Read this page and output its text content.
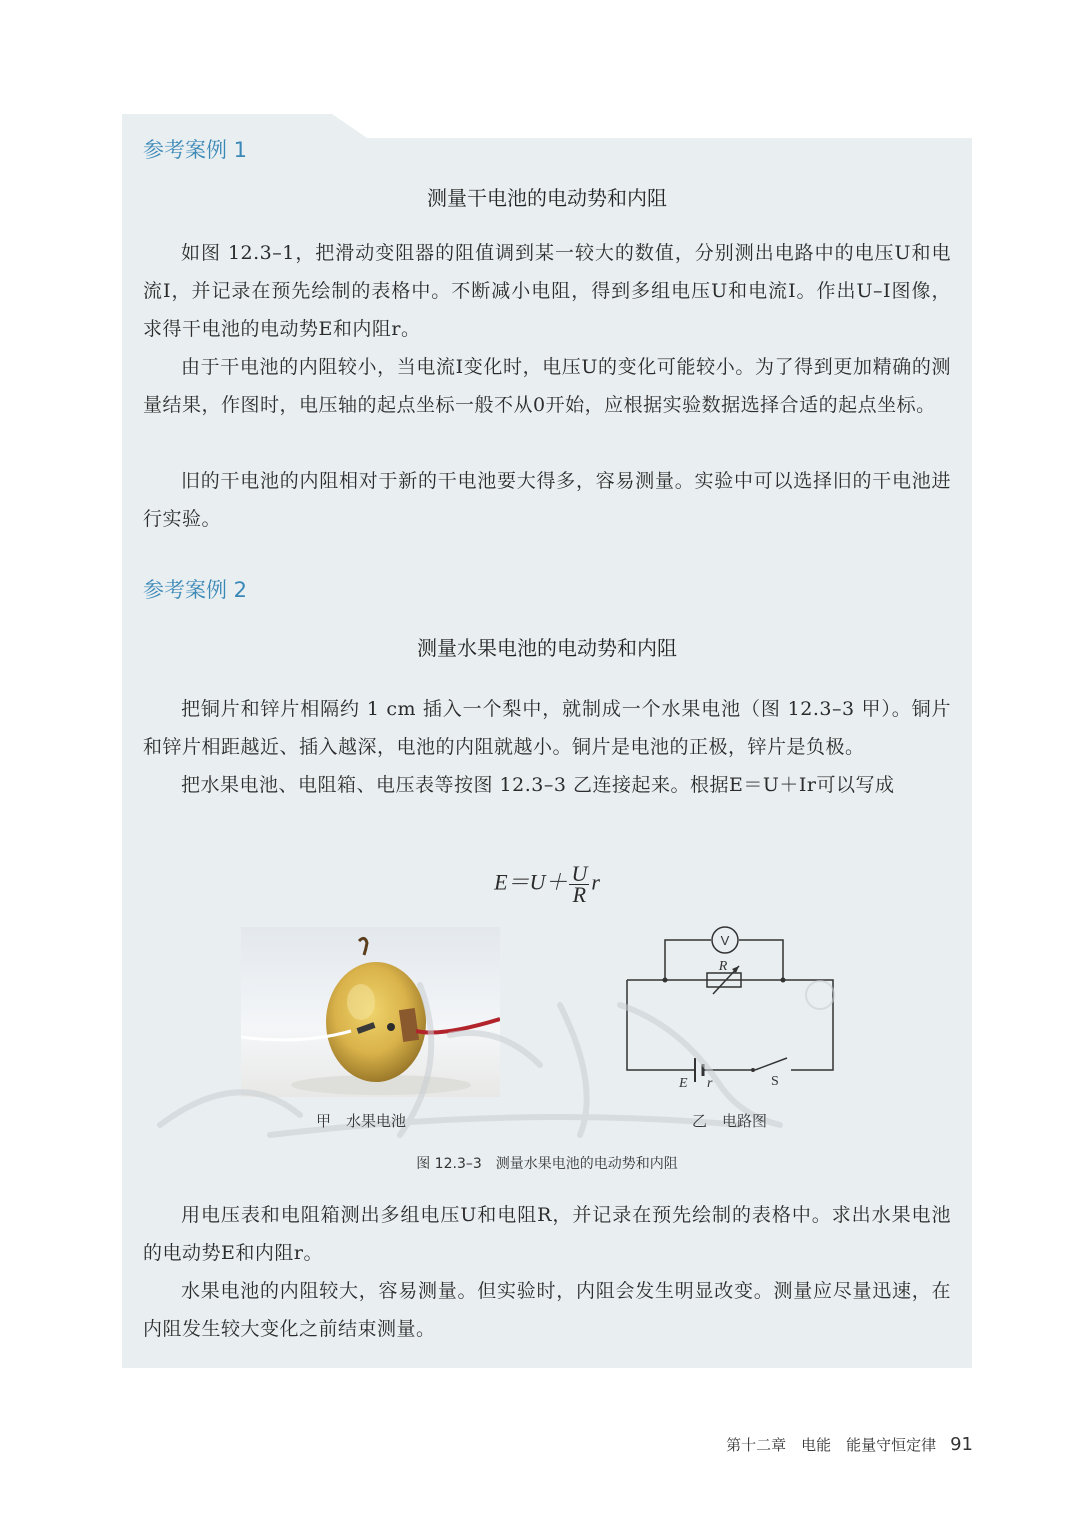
参考案例 1
测量干电池的电动势和内阻
如图 12.3–1，把滑动变阻器的阻值调到某一较大的数值，分别测出电路中的电压U和电流I，并记录在预先绘制的表格中。不断减小电阻，得到多组电压U和电流I。作出U–I图像，求得干电池的电动势E和内阻r。
由于干电池的内阻较小，当电流I变化时，电压U的变化可能较小。为了得到更加精确的测量结果，作图时，电压轴的起点坐标一般不从0开始，应根据实验数据选择合适的起点坐标。
旧的干电池的内阻相对于新的干电池要大得多，容易测量。实验中可以选择旧的干电池进行实验。
参考案例 2
测量水果电池的电动势和内阻
把铜片和锌片相隔约 1 cm 插入一个梨中，就制成一个水果电池（图 12.3–3 甲）。铜片和锌片相距越近、插入越深，电池的内阻就越小。铜片是电池的正极，锌片是负极。
把水果电池、电阻箱、电压表等按图 12.3–3 乙连接起来。根据E＝U＋Ir可以写成
$E=U+ \frac{U}{R}$ r
V
R
E r	S
甲　水果电池	乙　电路图
图 12.3–3　测量水果电池的电动势和内阻
用电压表和电阻箱测出多组电压U和电阻R，并记录在预先绘制的表格中。求出水果电池的电动势E和内阻r。
水果电池的内阻较大，容易测量。但实验时，内阻会发生明显改变。测量应尽量迅速，在内阻发生较大变化之前结束测量。
第十二章　电能　能量守恒定律 91
